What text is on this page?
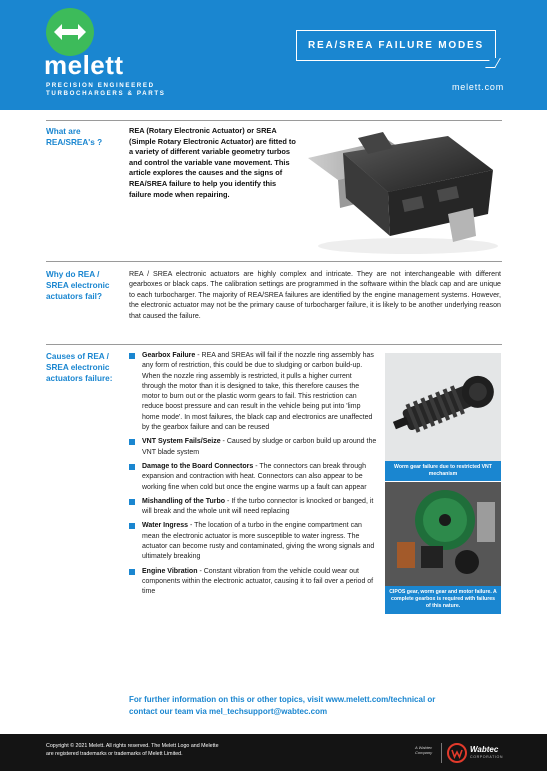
melett
PRECISION ENGINEERED
TURBOCHARGERS & PARTS
REA/SREA FAILURE MODES
melett.com
What are REA/SREA's ?
REA (Rotary Electronic Actuator) or SREA (Simple Rotary Electronic Actuator) are fitted to a variety of different variable geometry turbos and control the variable vane movement. This article explores the causes and the signs of REA/SREA failure to help you identify this failure mode when repairing.
Why do REA / SREA electronic actuators fail?
REA / SREA electronic actuators are highly complex and intricate. They are not interchangeable with different gearboxes or black caps. The calibration settings are programmed in the software within the black cap and are unique to each turbocharger. The majority of REA/SREA failures are identified by the engine management systems. However, the electronic actuator may not be the primary cause of turbocharger failure, it is likely to be another underlying reason that caused the failure.
Causes of REA / SREA electronic actuators failure:
Gearbox Failure - REA and SREAs will fail if the nozzle ring assembly has any form of restriction, this could be due to sludging or carbon build-up. When the nozzle ring assembly is restricted, it pulls a higher current through the motor than it is designed to take, this therefore causes the motor to burn out or the plastic worm gears to fail. This restriction can reduce boost pressure and can result in the vehicle being put into 'limp home mode'. In most failures, the black cap and electronics are unaffected by the gearbox failure and can be reused
VNT System Fails/Seize - Caused by sludge or carbon build up around the VNT blade system
Damage to the Board Connectors - The connectors can break through expansion and contraction with heat. Connectors can also appear to be working fine when cold but once the engine warms up a fault can appear
Mishandling of the Turbo - If the turbo connector is knocked or banged, it will break and the whole unit will need replacing
Water Ingress - The location of a turbo in the engine compartment can mean the electronic actuator is more susceptible to water ingress. The actuator can become rusty and contaminated, giving the wrong signals and ultimately breaking
Engine Vibration - Constant vibration from the vehicle could wear out components within the electronic actuator, causing it to fail over a period of time
Worm gear failure due to restricted VNT mechanism
CIPOS gear, worm gear and motor failure. A complete gearbox is required with failures of this nature.
For further information on this or other topics, visit www.melett.com/technical or
contact our team via mel_techsupport@wabtec.com
Copyright © 2021 Melett. All rights reserved. The Melett Logo and Melette
are registered trademarks or trademarks of Melett Limited.
A Wabtec
Company	Wabtec
CORPORATION
